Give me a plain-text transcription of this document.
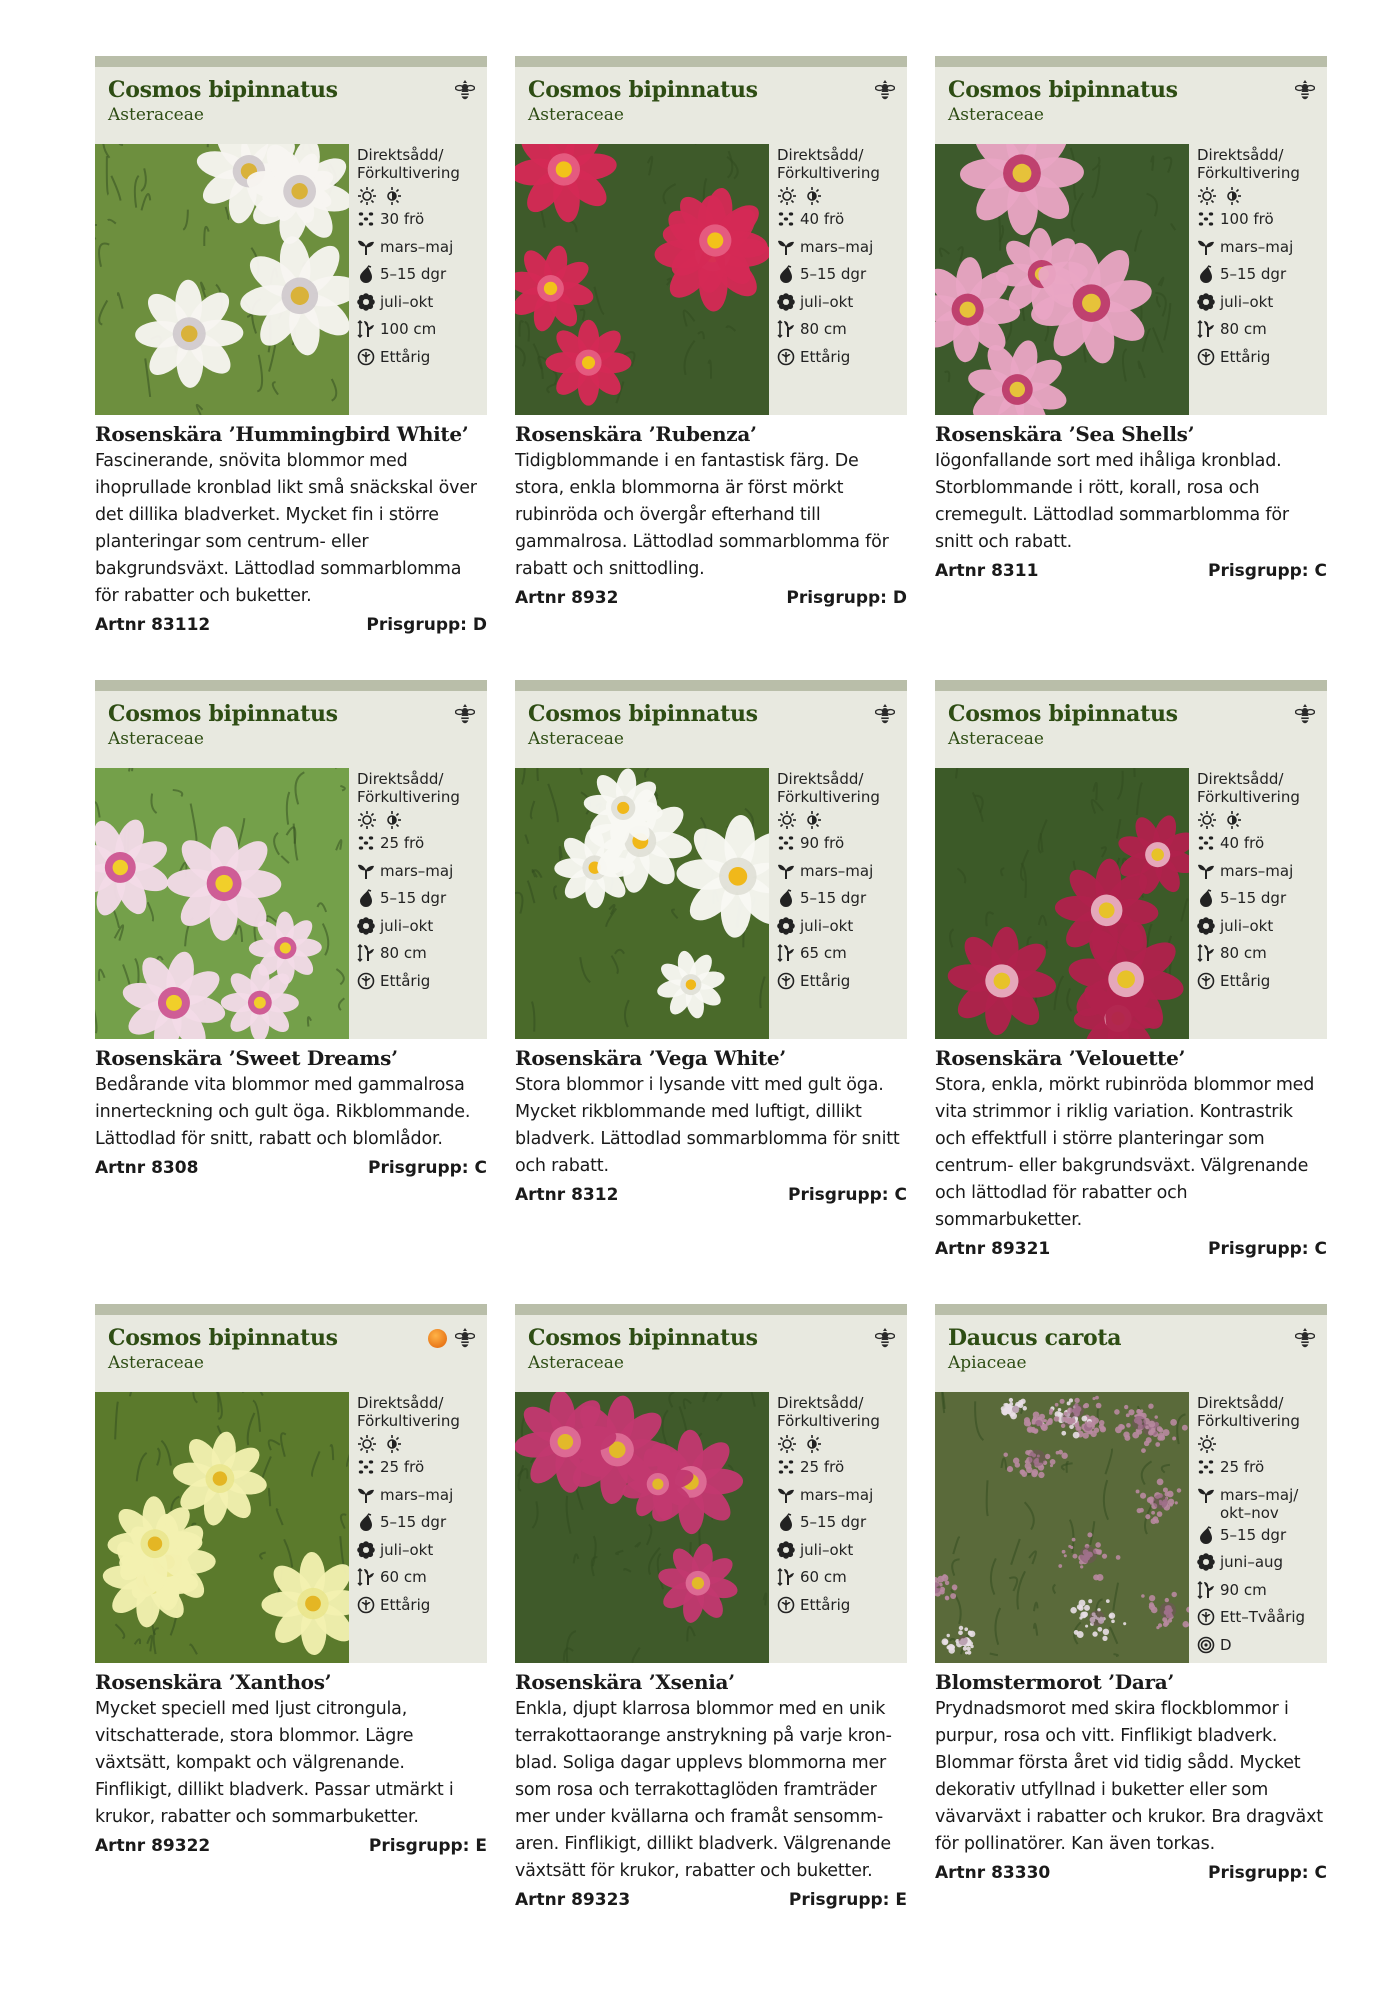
Cosmos bipinnatus
Asteraceae
Direktsådd/ Förkultivering
30 frö
mars–maj
5–15 dgr
juli–okt
100 cm
Ettårig
Rosenskära ’Hummingbird White’
Fascinerande, snövita blommor med ihoprullade kronblad likt små snäckskal över det dillika bladverket. Mycket fin i större planteringar som centrum- eller bakgrundsväxt. Lättodlad sommarblomma för rabatter och buketter.
Artnr 83112	Prisgrupp: D
Cosmos bipinnatus
Asteraceae
Direktsådd/ Förkultivering
40 frö
mars–maj
5–15 dgr
juli–okt
80 cm
Ettårig
Rosenskära ’Rubenza’
Tidigblommande i en fantastisk färg. De stora, enkla blommorna är först mörkt rubinröda och övergår efterhand till gammalrosa. Lättodlad sommarblomma för rabatt och snittodling.
Artnr 8932	Prisgrupp: D
Cosmos bipinnatus
Asteraceae
Direktsådd/ Förkultivering
100 frö
mars–maj
5–15 dgr
juli–okt
80 cm
Ettårig
Rosenskära ’Sea Shells’
Iögonfallande sort med ihåliga kronblad. Storblommande i rött, korall, rosa och cremegult. Lättodlad sommarblomma för snitt och rabatt.
Artnr 8311	Prisgrupp: C
Cosmos bipinnatus
Asteraceae
Direktsådd/ Förkultivering
25 frö
mars–maj
5–15 dgr
juli–okt
80 cm
Ettårig
Rosenskära ’Sweet Dreams’
Bedårande vita blommor med gammalrosa innerteckning och gult öga. Rikblommande. Lättodlad för snitt, rabatt och blomlådor.
Artnr 8308	Prisgrupp: C
Cosmos bipinnatus
Asteraceae
Direktsådd/ Förkultivering
90 frö
mars–maj
5–15 dgr
juli–okt
65 cm
Ettårig
Rosenskära ’Vega White’
Stora blommor i lysande vitt med gult öga. Mycket rikblommande med luftigt, dillikt bladverk. Lättodlad sommarblomma för snitt och rabatt.
Artnr 8312	Prisgrupp: C
Cosmos bipinnatus
Asteraceae
Direktsådd/ Förkultivering
40 frö
mars–maj
5–15 dgr
juli–okt
80 cm
Ettårig
Rosenskära ’Velouette’
Stora, enkla, mörkt rubinröda blommor med vita strimmor i riklig variation. Kontrastrik och effektfull i större planteringar som centrum- eller bakgrundsväxt. Välgrenande och lättodlad för rabatter och sommarbuketter.
Artnr 89321	Prisgrupp: C
Cosmos bipinnatus
Asteraceae
Direktsådd/ Förkultivering
25 frö
mars–maj
5–15 dgr
juli–okt
60 cm
Ettårig
Rosenskära ’Xanthos’
Mycket speciell med ljust citrongula, vitschatterade, stora blommor. Lägre växtsätt, kompakt och välgrenande. Finflikigt, dillikt bladverk. Passar utmärkt i krukor, rabatter och sommarbuketter.
Artnr 89322	Prisgrupp: E
Cosmos bipinnatus
Asteraceae
Direktsådd/ Förkultivering
25 frö
mars–maj
5–15 dgr
juli–okt
60 cm
Ettårig
Rosenskära ’Xsenia’
Enkla, djupt klarrosa blommor med en unik terrakottaorange anstrykning på varje kron-blad. Soliga dagar upplevs blommorna mer som rosa och terrakottaglöden framträder mer under kvällarna och framåt sensomm-aren. Finflikigt, dillikt bladverk. Välgrenande växtsätt för krukor, rabatter och buketter.
Artnr 89323	Prisgrupp: E
Daucus carota
Apiaceae
Direktsådd/ Förkultivering
25 frö
mars–maj/ okt–nov
5–15 dgr
juni–aug
90 cm
Ett–Tvåårig
D
Blomstermorot ’Dara’
Prydnadsmorot med skira flockblommor i purpur, rosa och vitt. Finflikigt bladverk. Blommar första året vid tidig sådd. Mycket dekorativ utfyllnad i buketter eller som vävarväxt i rabatter och krukor. Bra dragväxt för pollinatörer. Kan även torkas.
Artnr 83330	Prisgrupp: C
